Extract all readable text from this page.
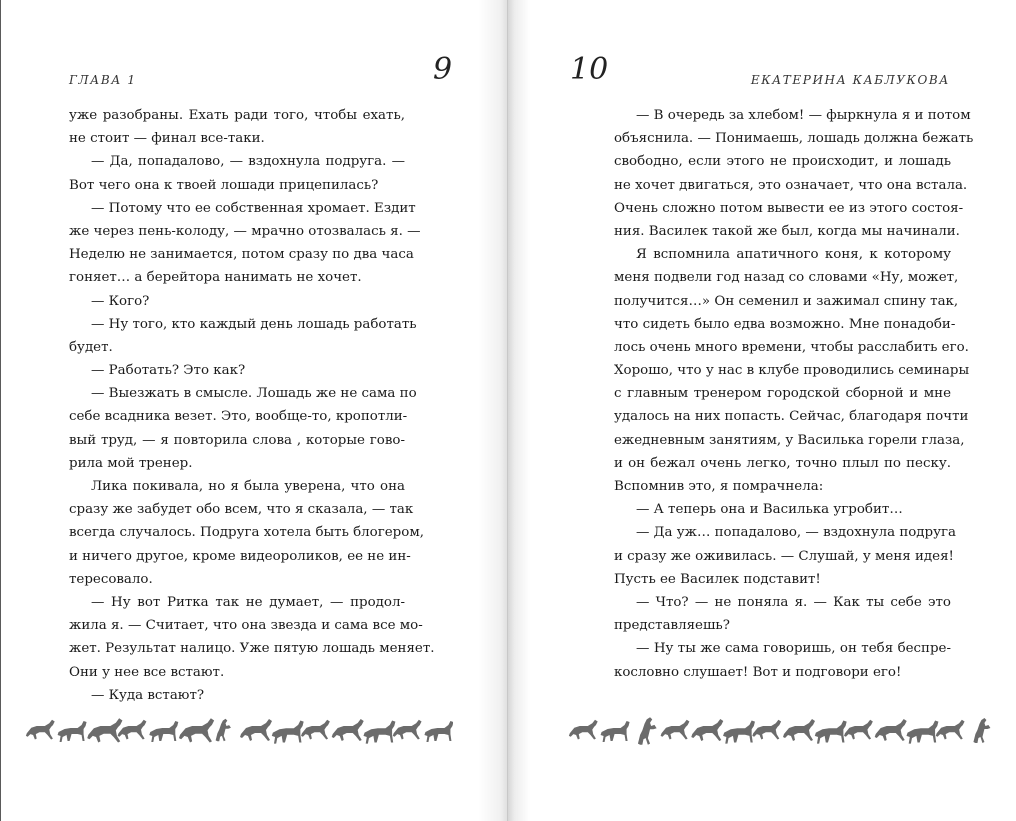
ГЛАВА 1	9
уже разобраны. Ехать ради того, чтобы ехать,
не стоит — финал все-таки.
— Да, попадалово, — вздохнула подруга. —
Вот чего она к твоей лошади прицепилась?
— Потому что ее собственная хромает. Ездит
же через пень-колоду, — мрачно отозвалась я. —
Неделю не занимается, потом сразу по два часа
гоняет… а берейтора нанимать не хочет.
— Кого?
— Ну того, кто каждый день лошадь работать
будет.
— Работать? Это как?
— Выезжать в смысле. Лошадь же не сама по
себе всадника везет. Это, вообще-то, кропотли-
вый труд, — я повторила слова , которые гово-
рила мой тренер.
Лика покивала, но я была уверена, что она
сразу же забудет обо всем, что я сказала, — так
всегда случалось. Подруга хотела быть блогером,
и ничего другое, кроме видеороликов, ее не ин-
тересовало.
— Ну вот Ритка так не думает, — продол-
жила я. — Считает, что она звезда и сама все мо-
жет. Результат налицо. Уже пятую лошадь меняет.
Они у нее все встают.
— Куда встают?
10	ЕКАТЕРИНА КАБЛУКОВА
— В очередь за хлебом! — фыркнула я и потом
объяснила. — Понимаешь, лошадь должна бежать
свободно, если этого не происходит, и лошадь
не хочет двигаться, это означает, что она встала.
Очень сложно потом вывести ее из этого состоя-
ния. Василек такой же был, когда мы начинали.
Я вспомнила апатичного коня, к которому
меня подвели год назад со словами «Ну, может,
получится…» Он семенил и зажимал спину так,
что сидеть было едва возможно. Мне понадоби-
лось очень много времени, чтобы расслабить его.
Хорошо, что у нас в клубе проводились семинары
с главным тренером городской сборной и мне
удалось на них попасть. Сейчас, благодаря почти
ежедневным занятиям, у Василька горели глаза,
и он бежал очень легко, точно плыл по песку.
Вспомнив это, я помрачнела:
— А теперь она и Василька угробит…
— Да уж… попадалово, — вздохнула подруга
и сразу же оживилась. — Слушай, у меня идея!
Пусть ее Василек подставит!
— Что? — не поняла я. — Как ты себе это
представляешь?
— Ну ты же сама говоришь, он тебя беспре-
кословно слушает! Вот и подговори его!
